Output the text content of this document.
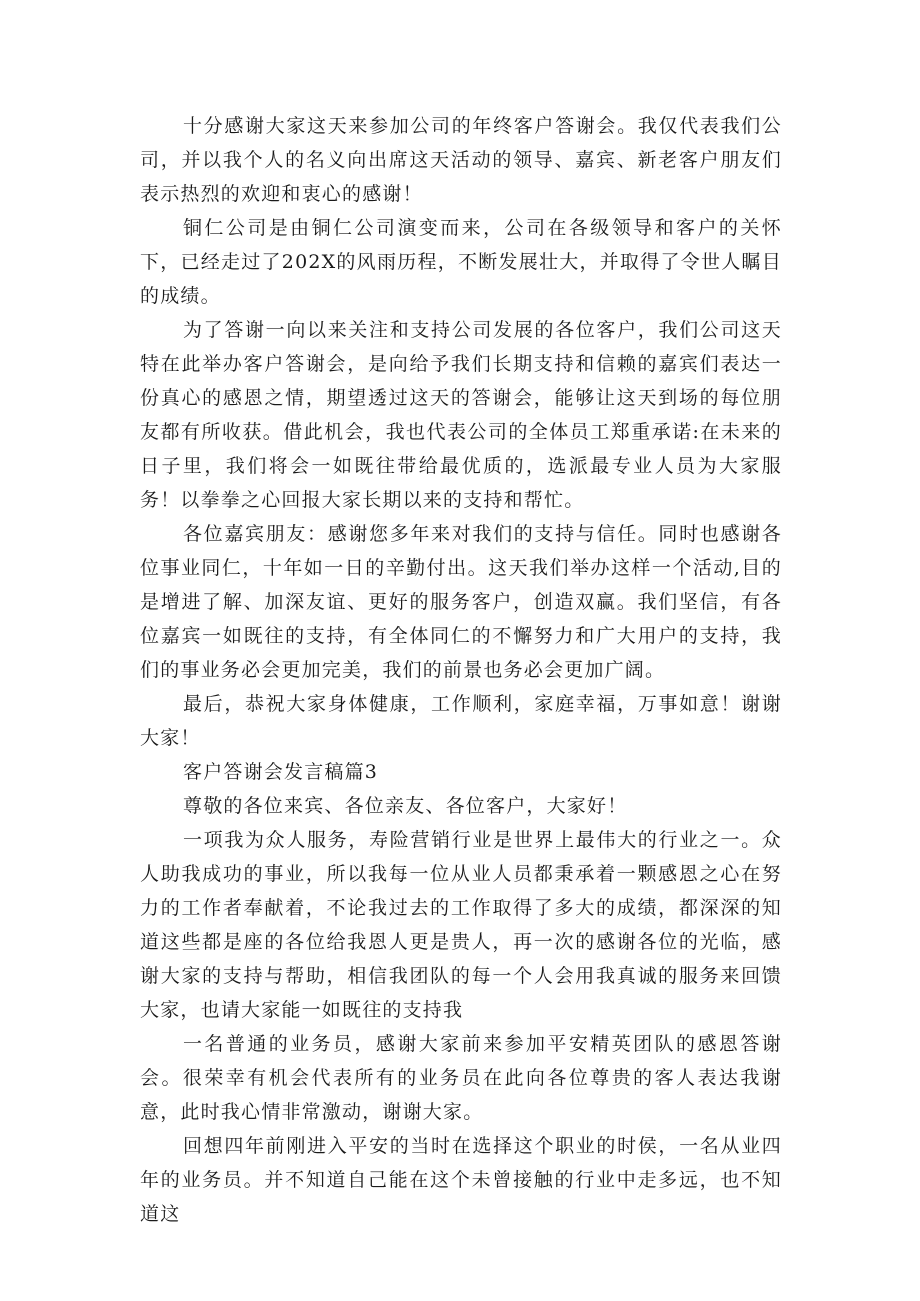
十分感谢大家这天来参加公司的年终客户答谢会。我仅代表我们公司，并以我个人的名义向出席这天活动的领导、嘉宾、新老客户朋友们表示热烈的欢迎和衷心的感谢！

铜仁公司是由铜仁公司演变而来，公司在各级领导和客户的关怀下，已经走过了202X的风雨历程，不断发展壮大，并取得了令世人瞩目的成绩。

为了答谢一向以来关注和支持公司发展的各位客户，我们公司这天特在此举办客户答谢会，是向给予我们长期支持和信赖的嘉宾们表达一份真心的感恩之情，期望透过这天的答谢会，能够让这天到场的每位朋友都有所收获。借此机会，我也代表公司的全体员工郑重承诺:在未来的日子里，我们将会一如既往带给最优质的，选派最专业人员为大家服务！以拳拳之心回报大家长期以来的支持和帮忙。

各位嘉宾朋友：感谢您多年来对我们的支持与信任。同时也感谢各位事业同仁，十年如一日的辛勤付出。这天我们举办这样一个活动,目的是增进了解、加深友谊、更好的服务客户，创造双赢。我们坚信，有各位嘉宾一如既往的支持，有全体同仁的不懈努力和广大用户的支持，我们的事业务必会更加完美，我们的前景也务必会更加广阔。

最后，恭祝大家身体健康，工作顺利，家庭幸福，万事如意！谢谢大家！

客户答谢会发言稿篇3

尊敬的各位来宾、各位亲友、各位客户，大家好！

一项我为众人服务，寿险营销行业是世界上最伟大的行业之一。众人助我成功的事业，所以我每一位从业人员都秉承着一颗感恩之心在努力的工作者奉献着，不论我过去的工作取得了多大的成绩，都深深的知道这些都是座的各位给我恩人更是贵人，再一次的感谢各位的光临，感谢大家的支持与帮助，相信我团队的每一个人会用我真诚的服务来回馈大家，也请大家能一如既往的支持我

一名普通的业务员，感谢大家前来参加平安精英团队的感恩答谢会。很荣幸有机会代表所有的业务员在此向各位尊贵的客人表达我谢意，此时我心情非常激动，谢谢大家。

回想四年前刚进入平安的当时在选择这个职业的时侯，一名从业四年的业务员。并不知道自己能在这个未曾接触的行业中走多远，也不知道这
